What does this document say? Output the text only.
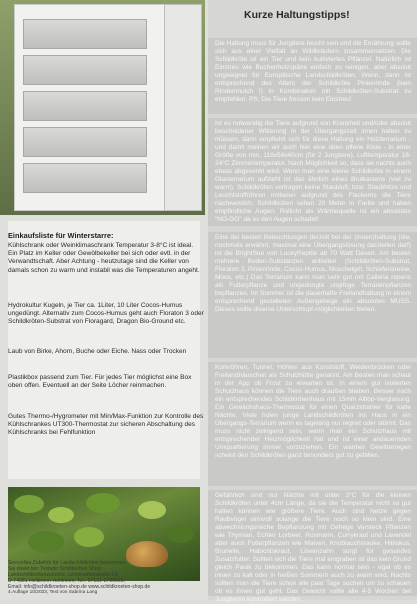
Einkaufsliste für Winterstarre:
Kühlschrank oder Weinklimaschrank Temperatur 3-8°C ist ideal. Ein Platz im Keller oder Gewölbekeller bei sich oder evtl. in der Verwandtschaft. Aber Achtung - heutzutage sind die Keller von damals schon zu warm und instabil was die Temperaturen angeht.
Hydrokultur Kugeln, je Tier ca. 1Liter, 10 Liter Cocos-Humus ungedüngt. Alternativ zum Cocos-Humus geht auch Floraton 3 oder Schildkröten-Substrat von Floragard, Dragon Bio-Ground etc.
Laub von Birke, Ahorn, Buche oder Eiche. Nass oder Trocken
Plastikbox passend zum Tier. Für jedes Tier möglichst eine Box oben offen. Eventuell an der Seite Löcher reinmachen.
Gutes Thermo-/Hygrometer mit Min/Max-Funktion zur Kontrolle des Kühlschrankes UT300-Thermostat zur sicheren Abschaltung des Kühlschranks bei Fehlfunktion
Sinnvolles Zubehör für Landschildkröten bekommen
Sie direkt bei: Testudo Schildkröten Shop
Landschildkrötenzubehör, Lehmhaldenstraße 14,
D-74081 Heilbronn-Horkheim, Tel.: 07131-2790660,
Email: info@schildkroeten-shop.de www.schildkroeten-shop.de
4.Auflage 10/2023, Text von Sabrina Lang
Kurze Haltungstipps!
Die Haltung muss für Jungtiere feucht sein und die Ernährung sollte sich aus einer Vielfalt an Wildkräutern zusammensetzen. Die Schildkröte ist ein Tier und kein kultiviertes Pflänzel. Natürlich ist Einstreu wie Buchenholzspäne einfach zu reinigen, aber absolut ungeeignet für Europäische Landschildkröten. Wenn, dann ist entsprechend des Alters der Schildkröte Pinienrinde (kein Rindenmulch !) in Kombination mit Schildkröten-Substrat zu empfehlen. PS: Die Tiere fressen kein Einstreu!
Ist es notwendig die Tiere aufgrund von Krankheit und/oder absolut bescheidener Witterung in der Übergangszeit innen halten zu müssen, dann empfiehlt sich für diese Haltung ein Holzterrarium - und damit meinen wir auch hier eine oben offene Kiste - in einer Größe von min. 118x54x40cm (für 2 Jungtiere). Lufttemperatur 18-24°C Zimmertemperatur. Nach Möglichkeit so, dass sie nachts auch etwas abgesenkt wird. Wenn man eine kleine Schildkröte in einem Glasterrarium aufzieht ist das ähnlich eines Brutkastens (viel zu warm). Schildkröten vertragen keine Staubluft, bzw. Staubhitze und Leuchtstoffröhren imitieren aufgrund des Flackerns die Tiere nachweislich. Schildkröten sehen 20 Meter in Farbe und haben empfindliche Augen. Rollicht als Wärmequelle ist ein absolutes "NO-GO" da es den Augen schadet!
Eine der besten Beleuchtungen derzeit bei der (Innen)haltung (die, nochmals erwähnt, maximal eine Übergangslösung darstellen darf) ist die BrightSun von LuckyReptile ab 70 Watt Desert. Am besten mehrere Boden-Substanzen anbieten (Schildkröten-Substrat, Floraton 3, Pinienrinde, Cocos-Humus, Muschelgrit, Schieferstreine, Moos, etc.) Das Terrarium kann man sehr gut mit Calleria repens als Futterpflanze und ungedüngte ungiftige Terrarienpflanzen bepflanzen. Im Sommer ist die dauerhafte Freilandhaltung in einem entsprechend gestalteten Außengehege ein absolutes MUSS. Dieses sollte diverse Unterschlupf-möglichkeiten bieten.
Korkröhren, Tunnel, Höhlen aus Kunststoff, Weidenbrücken oder Freilandhäuschen als Schutzhütte genannt. Am Besten man schaut in der App ob Frost zu erwarten ist. In einem gut isolierten Schutzhaus können die Tiere auch draußen bleiben. Besser noch ein entsprechendes Schildkrötenhaus mit 15mm Alltop-Verglasung. Ein Gewächshaus-Thermostat für einen Quarzstrahler für kalte Nächte. Viele holen junge Landschildkröten ins Haus in ein Übergangs-Terrarium wenn es tagelang nur regnet oder stürmt. Das muss nicht zwingend sein, wenn man ein Schutzhaus mit entsprechender Heizmöglichkeit hat und ist einer andauernden Umquartierung immer vorzuziehen. Ein warmer Gewitterregen scheint den Schildkröten ganz besonders gut zu gefallen.
Gefährlich sind nur Nächte mit unter 3°C für die kleinen Schildkröten unter 4cm Länge, da sie die Temperatur nicht so gut halten können wie größere Tiere. Auch sind Netze gegen Raubvögel sinnvoll solange die Tiere noch so klein sind. Eine abwechslungsreiche Bepflanzung mit Gehege Versteck Pflanzen wie Thymian, Echter Lorbeer, Rosmarin, Currykraut und Lavendel aber auch Futterpflanzen wie Malven, Knoblauchsrauke, Hibiskus, Brunelle, Habichtskraut, Löwenzahn sorgt für gesundes Zusatzfutter. Sollten sich die Tiere mal eingraben ist das kein Grund gleich Panik zu bekommen. Das kann normal sein - egal ob es innen zu kalt oder in heißen Sommern auch zu warm wird. Nachts sollten man die Tiere schon alle paar Tage suchen um zu schauen ob es ihnen gut geht. Das Gewicht sollte alle 4-5 Wochen bei Jungtieren kontrolliert werden.
